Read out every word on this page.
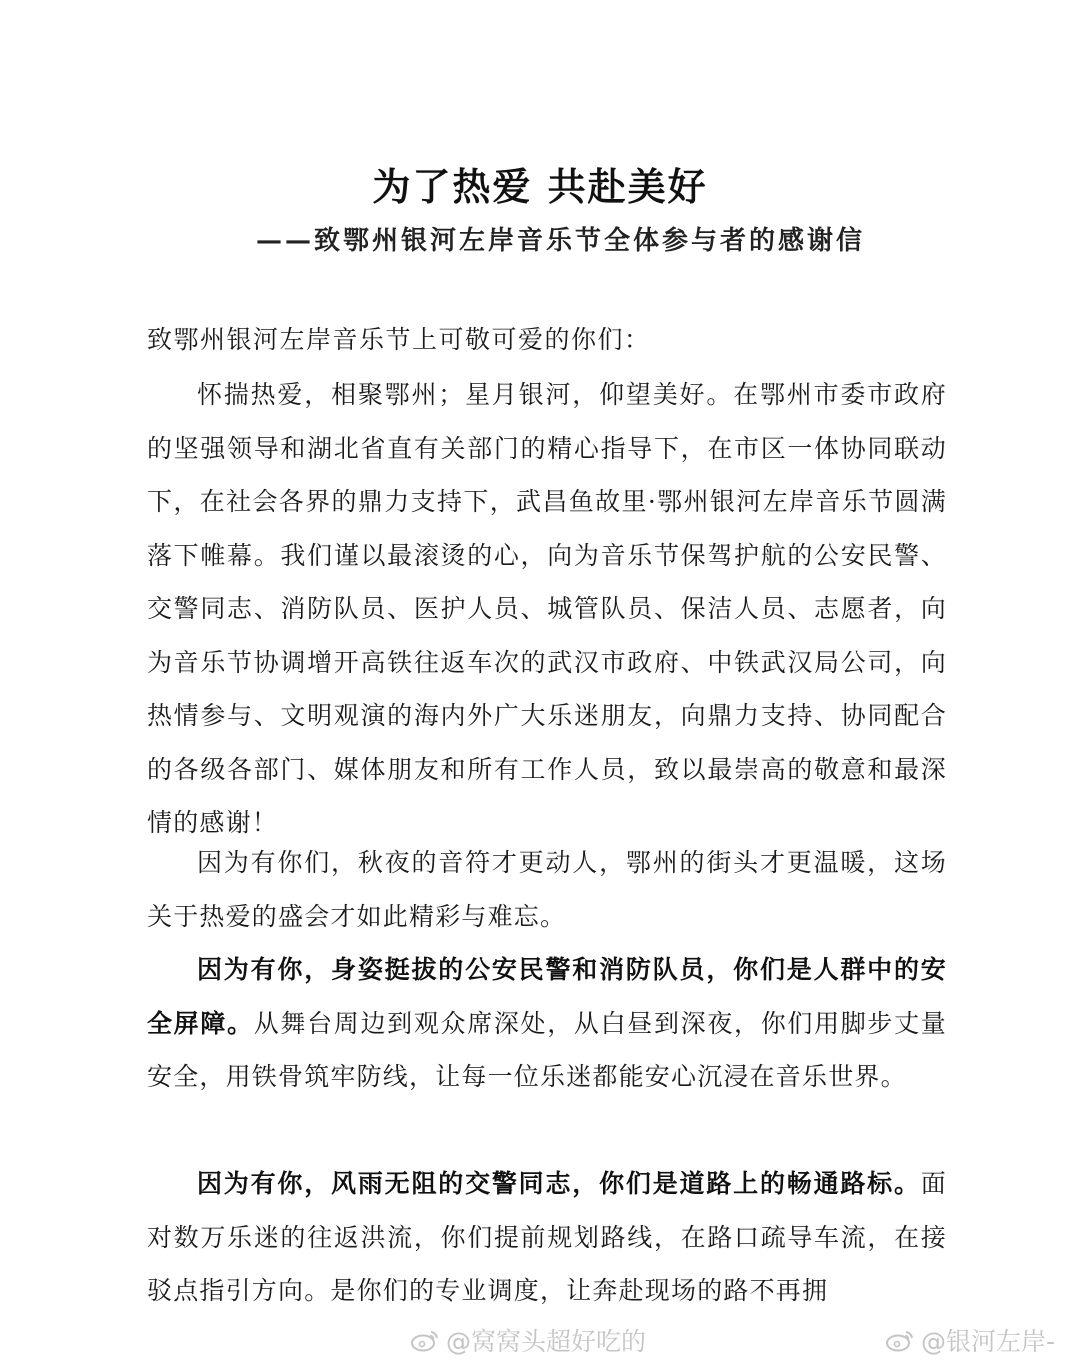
为了热爱 共赴美好
——致鄂州银河左岸音乐节全体参与者的感谢信
致鄂州银河左岸音乐节上可敬可爱的你们：

怀揣热爱，相聚鄂州；星月银河，仰望美好。在鄂州市委市政府的坚强领导和湖北省直有关部门的精心指导下，在市区一体协同联动下，在社会各界的鼎力支持下，武昌鱼故里·鄂州银河左岸音乐节圆满落下帷幕。我们谨以最滚烫的心，向为音乐节保驾护航的公安民警、交警同志、消防队员、医护人员、城管队员、保洁人员、志愿者，向为音乐节协调增开高铁往返车次的武汉市政府、中铁武汉局公司，向热情参与、文明观演的海内外广大乐迷朋友，向鼎力支持、协同配合的各级各部门、媒体朋友和所有工作人员，致以最崇高的敬意和最深情的感谢！

因为有你们，秋夜的音符才更动人，鄂州的街头才更温暖，这场关于热爱的盛会才如此精彩与难忘。

因为有你，身姿挺拔的公安民警和消防队员，你们是人群中的安全屏障。从舞台周边到观众席深处，从白昼到深夜，你们用脚步丈量安全，用铁骨筑牢防线，让每一位乐迷都能安心沉浸在音乐世界。

因为有你，风雨无阻的交警同志，你们是道路上的畅通路标。面对数万乐迷的往返洪流，你们提前规划路线，在路口疏导车流，在接驳点指引方向。是你们的专业调度，让奔赴现场的路不再拥

@窝窝头超好吃的	@银河左岸-
